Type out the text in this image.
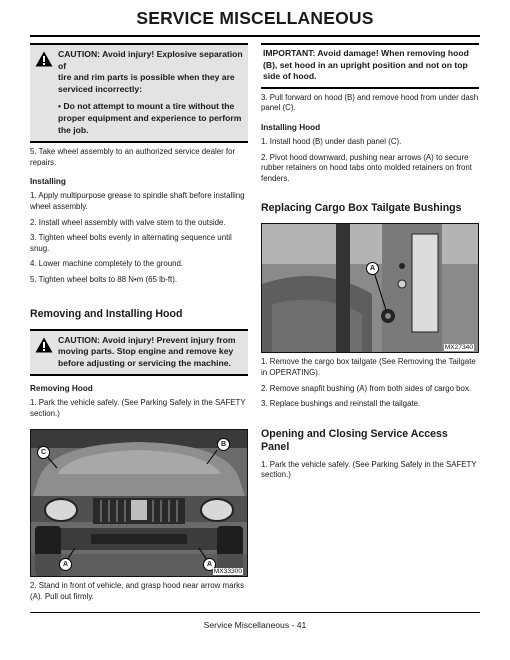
SERVICE MISCELLANEOUS

CAUTION: Avoid injury! Explosive separation of

tire and rim parts is possible when they are

serviced incorrectly:

• Do not attempt to mount a tire without the

proper equipment and experience to perform

the job.

5. Take wheel assembly to an authorized service dealer for repairs.

Installing

1. Apply multipurpose grease to spindle shaft before installing wheel assembly.

2. Install wheel assembly with valve stem to the outside.

3. Tighten wheel bolts evenly in alternating sequence until snug.

4. Lower machine completely to the ground.

5. Tighten wheel bolts to 88 N•m (65 lb-ft).

Removing and Installing Hood

CAUTION: Avoid injury! Prevent injury from

moving parts. Stop engine and remove key

before adjusting or servicing the machine.

Removing Hood

1. Park the vehicle safely. (See Parking Safely in the SAFETY section.)

C
B
A	A
MX33300

2. Stand in front of vehicle, and grasp hood near arrow marks (A). Pull out firmly.

IMPORTANT: Avoid damage! When removing hood

(B), set hood in an upright position and not on top

side of hood.

3. Pull forward on hood (B) and remove hood from under dash panel (C).

Installing Hood

1. Install hood (B) under dash panel (C).

2. Pivot hood downward, pushing near arrows (A) to secure rubber retainers on hood tabs onto molded retainers on front fenders.

Replacing Cargo Box Tailgate Bushings

A
MX27340

1. Remove the cargo box tailgate (See Removing the Tailgate in OPERATING).

2. Remove snapfit bushing (A) from both sides of cargo box.

3. Replace bushings and reinstall the tailgate.

Opening and Closing Service Access Panel

1. Park the vehicle safely. (See Parking Safely in the SAFETY section.)

Service Miscellaneous - 41
